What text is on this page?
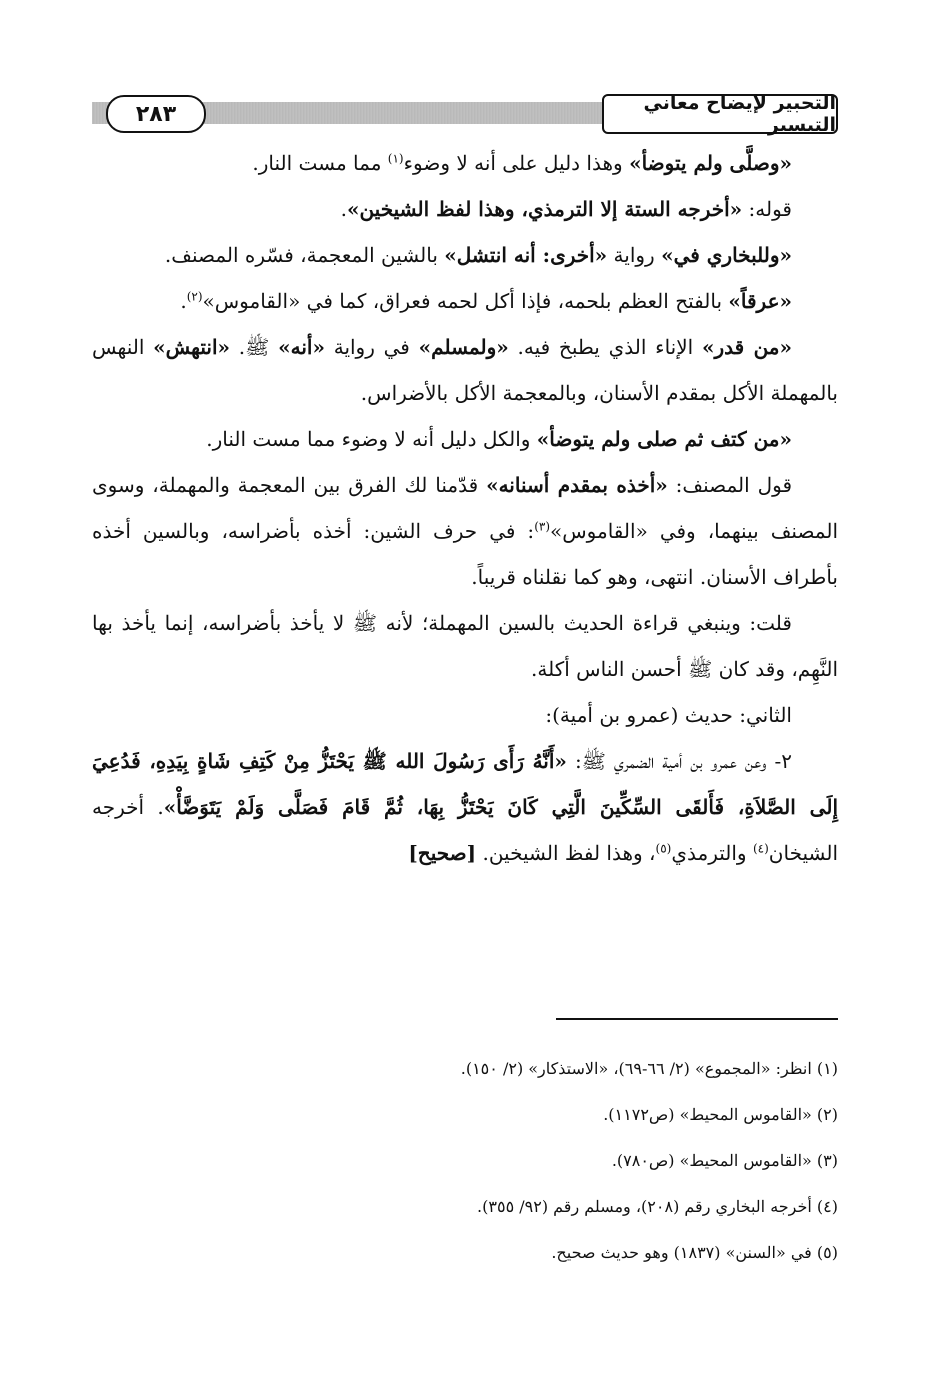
٢٨٣	التحبير لإيضاح معاني التيسير

«وصلَّى ولم يتوضأ» وهذا دليل على أنه لا وضوء$^{(١)}$ مما مست النار.

قوله: «أخرجه الستة إلا الترمذي، وهذا لفظ الشيخين».

«وللبخاري في» رواية «أخرى: أنه انتشل» بالشين المعجمة، فسّره المصنف.

«عرقاً» بالفتح العظم بلحمه، فإذا أكل لحمه فعراق، كما في «القاموس»$^{(٢)}$.

«من قدر» الإناء الذي يطبخ فيه. «ولمسلم» في رواية «أنه» ﷺ. «انتهش» النهس بالمهملة الأكل بمقدم الأسنان، وبالمعجمة الأكل بالأضراس.

«من كتف ثم صلى ولم يتوضأ» والكل دليل أنه لا وضوء مما مست النار.

قول المصنف: «أخذه بمقدم أسنانه» قدّمنا لك الفرق بين المعجمة والمهملة، وسوى المصنف بينهما، وفي «القاموس»$^{(٣)}$: في حرف الشين: أخذه بأضراسه، وبالسين أخذه بأطراف الأسنان. انتهى، وهو كما نقلناه قريباً.

قلت: وينبغي قراءة الحديث بالسين المهملة؛ لأنه ﷺ لا يأخذ بأضراسه، إنما يأخذ بها النَّهِم، وقد كان ﷺ أحسن الناس أكلة.

الثاني: حديث (عمرو بن أمية):

٢- وعن عمرو بن أمية الضمري ﷺ: «أَنَّهُ رَأَى رَسُولَ الله ﷺ يَحْتَزُّ مِنْ كَتِفِ شَاةٍ بِيَدِهِ، فَدُعِيَ إِلَى الصَّلاَةِ، فَأَلقَى السِّكِّينَ الَّتِي كَانَ يَحْتَزُّ بِهَا، ثُمَّ قَامَ فَصَلَّى وَلَمْ يَتَوَضَّأْ». أخرجه الشيخان$^{(٤)}$ والترمذي$^{(٥)}$، وهذا لفظ الشيخين. [صحيح]

(١) انظر: «المجموع» (٢/ ٦٦-٦٩)، «الاستذكار» (٢/ ١٥٠).

(٢) «القاموس المحيط» (ص١١٧٢).

(٣) «القاموس المحيط» (ص٧٨٠).

(٤) أخرجه البخاري رقم (٢٠٨)، ومسلم رقم (٩٢/ ٣٥٥).

(٥) في «السنن» (١٨٣٧) وهو حديث صحيح.
